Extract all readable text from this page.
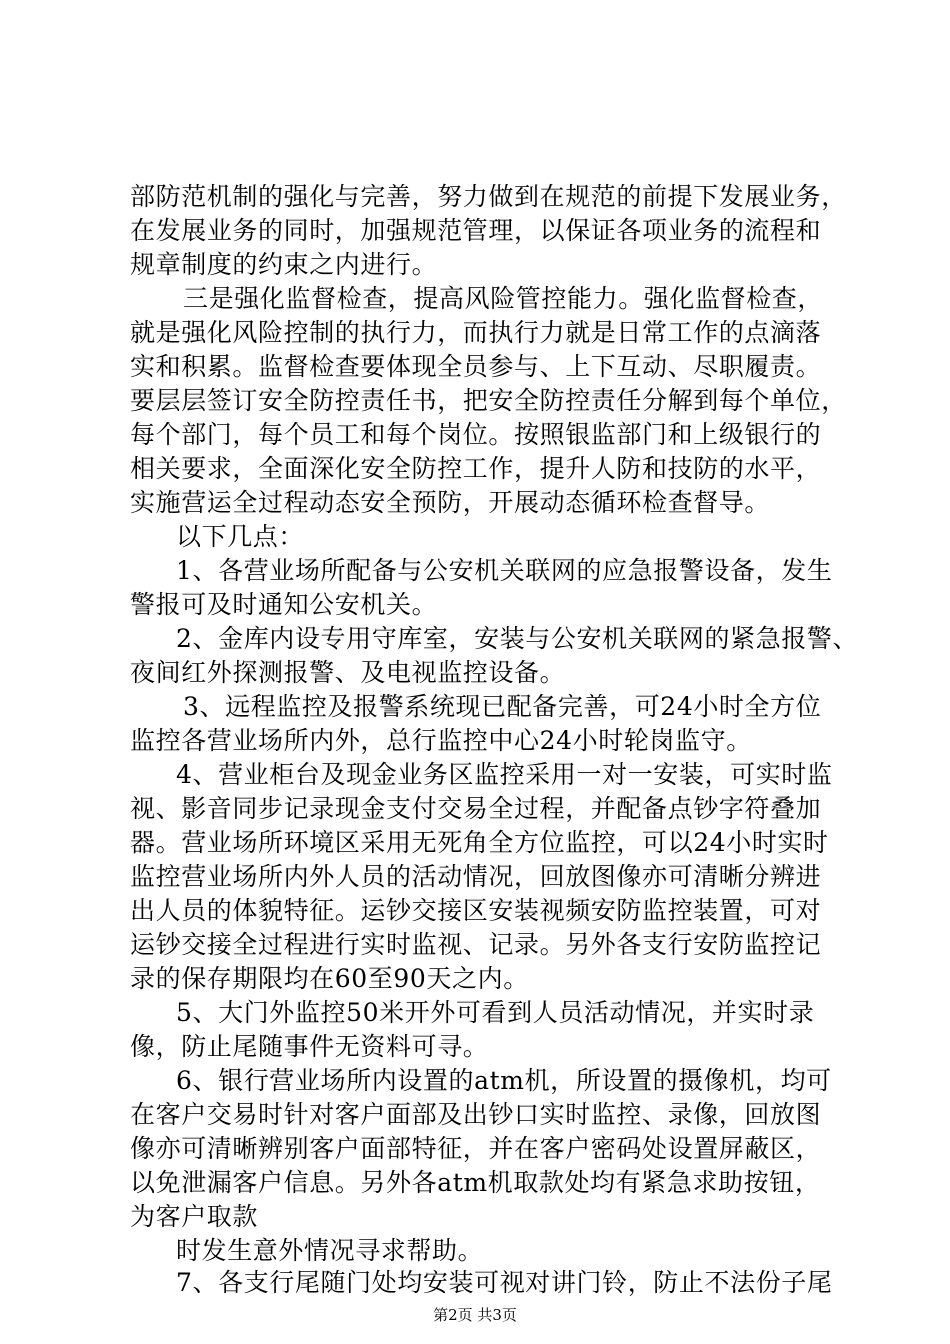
部防范机制的强化与完善，努力做到在规范的前提下发展业务，
在发展业务的同时，加强规范管理，以保证各项业务的流程和
规章制度的约束之内进行。
三是强化监督检查，提高风险管控能力。强化监督检查，
就是强化风险控制的执行力，而执行力就是日常工作的点滴落
实和积累。监督检查要体现全员参与、上下互动、尽职履责。
要层层签订安全防控责任书，把安全防控责任分解到每个单位，
每个部门，每个员工和每个岗位。按照银监部门和上级银行的
相关要求，全面深化安全防控工作，提升人防和技防的水平，
实施营运全过程动态安全预防，开展动态循环检查督导。
以下几点：
1、各营业场所配备与公安机关联网的应急报警设备，发生
警报可及时通知公安机关。
2、金库内设专用守库室，安装与公安机关联网的紧急报警、
夜间红外探测报警、及电视监控设备。
3、远程监控及报警系统现已配备完善，可24小时全方位
监控各营业场所内外，总行监控中心24小时轮岗监守。
4、营业柜台及现金业务区监控采用一对一安装，可实时监
视、影音同步记录现金支付交易全过程，并配备点钞字符叠加
器。营业场所环境区采用无死角全方位监控，可以24小时实时
监控营业场所内外人员的活动情况，回放图像亦可清晰分辨进
出人员的体貌特征。运钞交接区安装视频安防监控装置，可对
运钞交接全过程进行实时监视、记录。另外各支行安防监控记
录的保存期限均在60至90天之内。
5、大门外监控50米开外可看到人员活动情况，并实时录
像，防止尾随事件无资料可寻。
6、银行营业场所内设置的atm机，所设置的摄像机，均可
在客户交易时针对客户面部及出钞口实时监控、录像，回放图
像亦可清晰辨别客户面部特征，并在客户密码处设置屏蔽区，
以免泄漏客户信息。另外各atm机取款处均有紧急求助按钮，
为客户取款
时发生意外情况寻求帮助。
7、各支行尾随门处均安装可视对讲门铃，防止不法份子尾
第2页 共3页
